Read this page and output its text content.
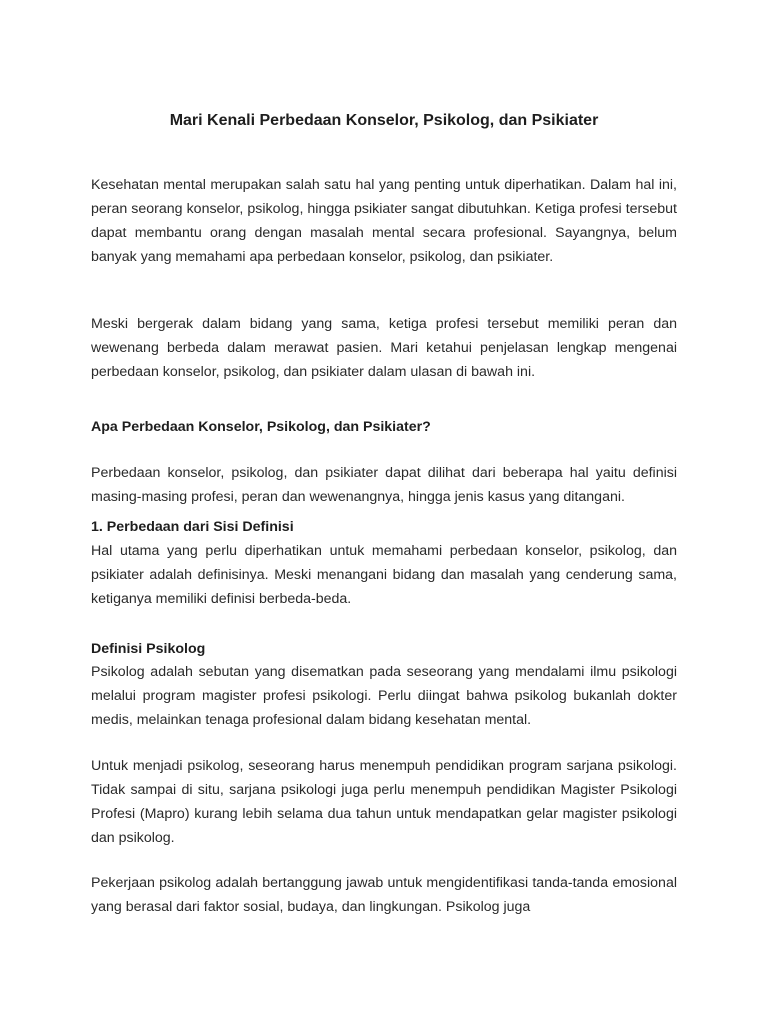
Mari Kenali Perbedaan Konselor, Psikolog, dan Psikiater

Kesehatan mental merupakan salah satu hal yang penting untuk diperhatikan. Dalam hal ini, peran seorang konselor, psikolog, hingga psikiater sangat dibutuhkan. Ketiga profesi tersebut dapat membantu orang dengan masalah mental secara profesional. Sayangnya, belum banyak yang memahami apa perbedaan konselor, psikolog, dan psikiater.

Meski bergerak dalam bidang yang sama, ketiga profesi tersebut memiliki peran dan wewenang berbeda dalam merawat pasien. Mari ketahui penjelasan lengkap mengenai perbedaan konselor, psikolog, dan psikiater dalam ulasan di bawah ini.

Apa Perbedaan Konselor, Psikolog, dan Psikiater?

Perbedaan konselor, psikolog, dan psikiater dapat dilihat dari beberapa hal yaitu definisi masing-masing profesi, peran dan wewenangnya, hingga jenis kasus yang ditangani.

1. Perbedaan dari Sisi Definisi

Hal utama yang perlu diperhatikan untuk memahami perbedaan konselor, psikolog, dan psikiater adalah definisinya. Meski menangani bidang dan masalah yang cenderung sama, ketiganya memiliki definisi berbeda-beda.

Definisi Psikolog

Psikolog adalah sebutan yang disematkan pada seseorang yang mendalami ilmu psikologi melalui program magister profesi psikologi. Perlu diingat bahwa psikolog bukanlah dokter medis, melainkan tenaga profesional dalam bidang kesehatan mental.

Untuk menjadi psikolog, seseorang harus menempuh pendidikan program sarjana psikologi. Tidak sampai di situ, sarjana psikologi juga perlu menempuh pendidikan Magister Psikologi Profesi (Mapro) kurang lebih selama dua tahun untuk mendapatkan gelar magister psikologi dan psikolog.

Pekerjaan psikolog adalah bertanggung jawab untuk mengidentifikasi tanda-tanda emosional yang berasal dari faktor sosial, budaya, dan lingkungan. Psikolog juga
